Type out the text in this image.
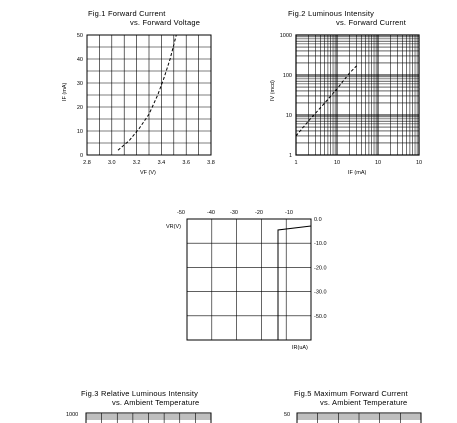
Fig.1 Forward Current
vs. Forward Voltage
0
10
20
30
40
50
2.8	3.0	3.2	3.4	3.6	3.8
IF (mA)
VF (V)
Fig.2 Luminous Intensity
vs. Forward Current
1
10
100
1000
1	10	10	10
IV (mcd)
IF (mA)
-50	-40	-30	-20	-10
0.0
-10.0
-20.0
-30.0
-50.0
VR(V)
IR(uA)
Fig.3 Relative Luminous Intensity
vs. Ambient Temperature
1000
Fig.5 Maximum Forward Current
vs. Ambient Temperature
50
